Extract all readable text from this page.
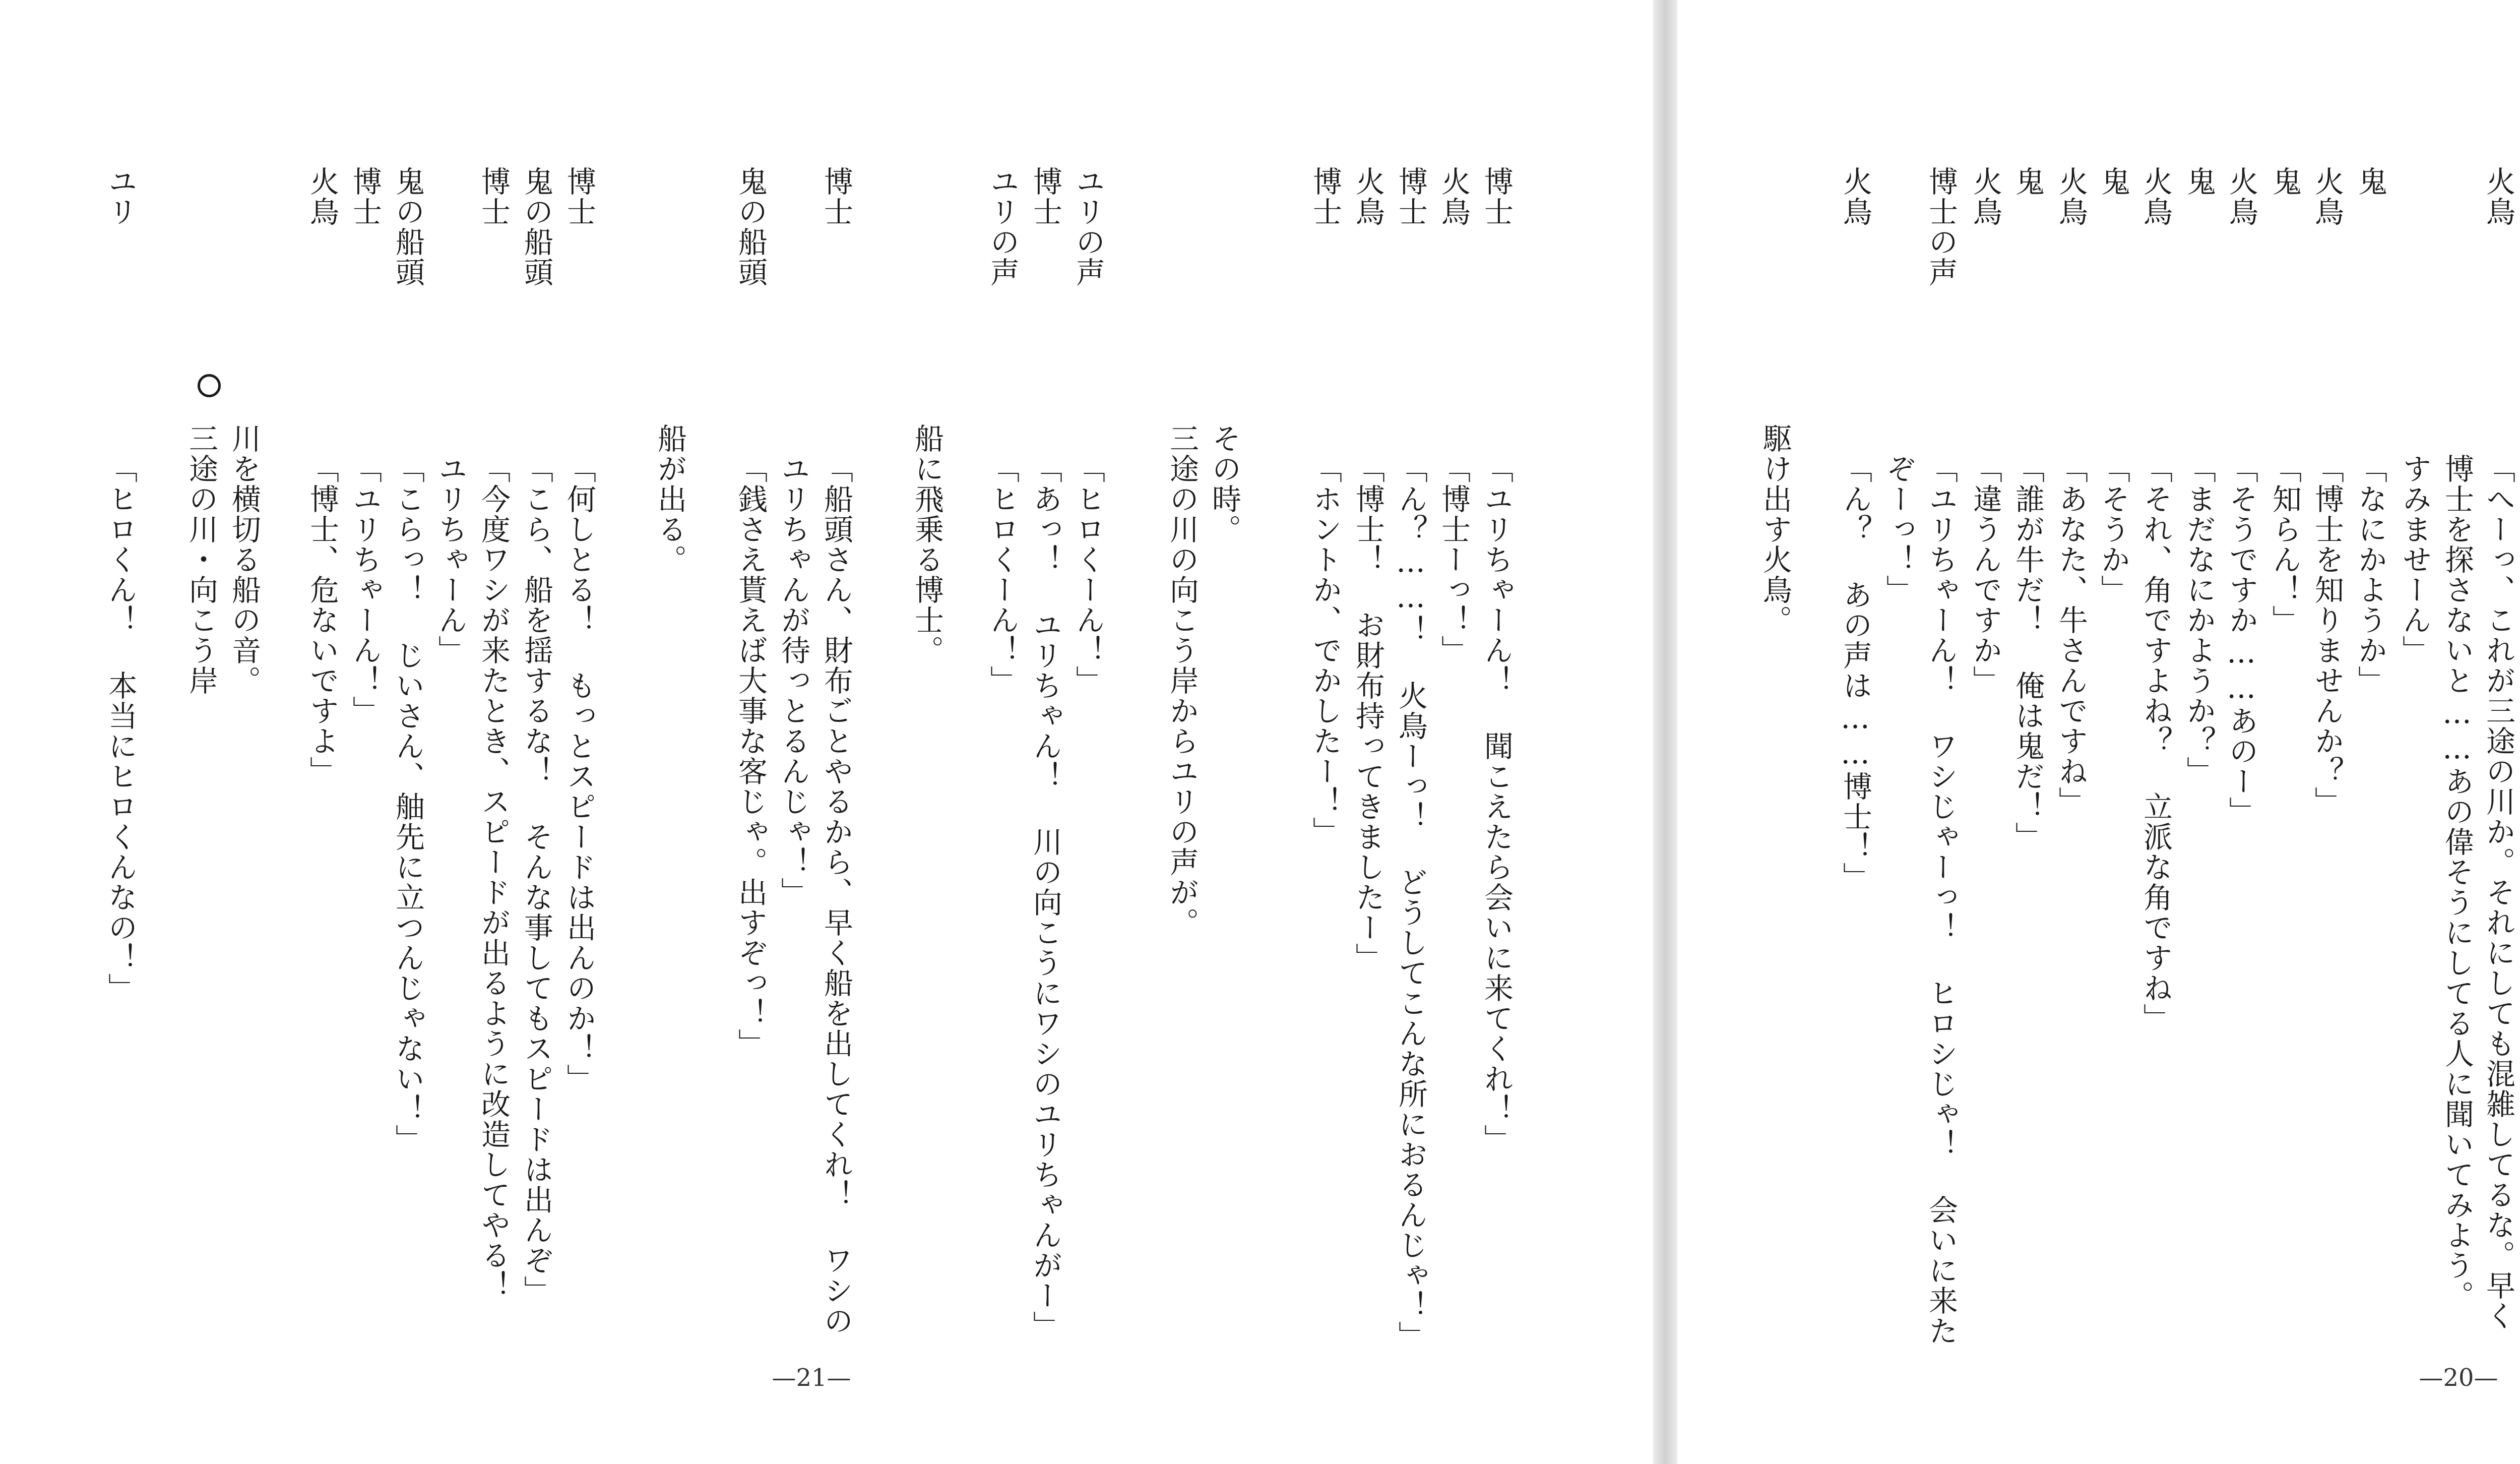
—21—
博士
「ユリちゃーん！ 聞こえたら会いに来てくれ！」
火鳥
「博士ーっ！」
博士
「ん？……！ 火鳥ーっ！ どうしてこんな所におるんじゃ！」
火鳥
「博士！ お財布持ってきましたー」
博士
「ホントか、でかしたー！」
その時。
三途の川の向こう岸からユリの声が。
ユリの声
「ヒロくーん！」
博士
「あっ！ ユリちゃん！ 川の向こうにワシのユリちゃんがー」
ユリの声
「ヒロくーん！」
船に飛乗る博士。
博士
「船頭さん、財布ごとやるから、早く船を出してくれ！ ワシの
ユリちゃんが待っとるんじゃ！」
鬼の船頭
「銭さえ貰えば大事な客じゃ。出すぞっ！」
船が出る。
博士
「何しとる！ もっとスピードは出んのか！」
鬼の船頭
「こら、船を揺するな！ そんな事してもスピードは出んぞ」
博士
「今度ワシが来たとき、スピードが出るように改造してやる！
ユリちゃーん」
鬼の船頭
「こらっ！ じいさん、舳先に立つんじゃない！」
博士
「ユリちゃーん！」
火鳥
「博士、危ないですよ」
川を横切る船の音。
三途の川・向こう岸
ユリ
「ヒロくん！ 本当にヒロくんなの！」
—20—
火鳥
「へーっ、これが三途の川か。それにしても混雑してるな。早く
博士を探さないと……あの偉そうにしてる人に聞いてみよう。
すみませーん」
鬼
「なにかようか」
火鳥
「博士を知りませんか？」
鬼
「知らん！」
火鳥
「そうですか……あのー」
鬼
「まだなにかようか？」
火鳥
「それ、角ですよね？ 立派な角ですね」
鬼
「そうか」
火鳥
「あなた、牛さんですね」
鬼
「誰が牛だ！ 俺は鬼だ！」
火鳥
「違うんですか」
博士の声
「ユリちゃーん！ ワシじゃーっ！ ヒロシじゃ！ 会いに来た
ぞーっ！」
火鳥
「ん？ あの声は……博士！」
駆け出す火鳥。
